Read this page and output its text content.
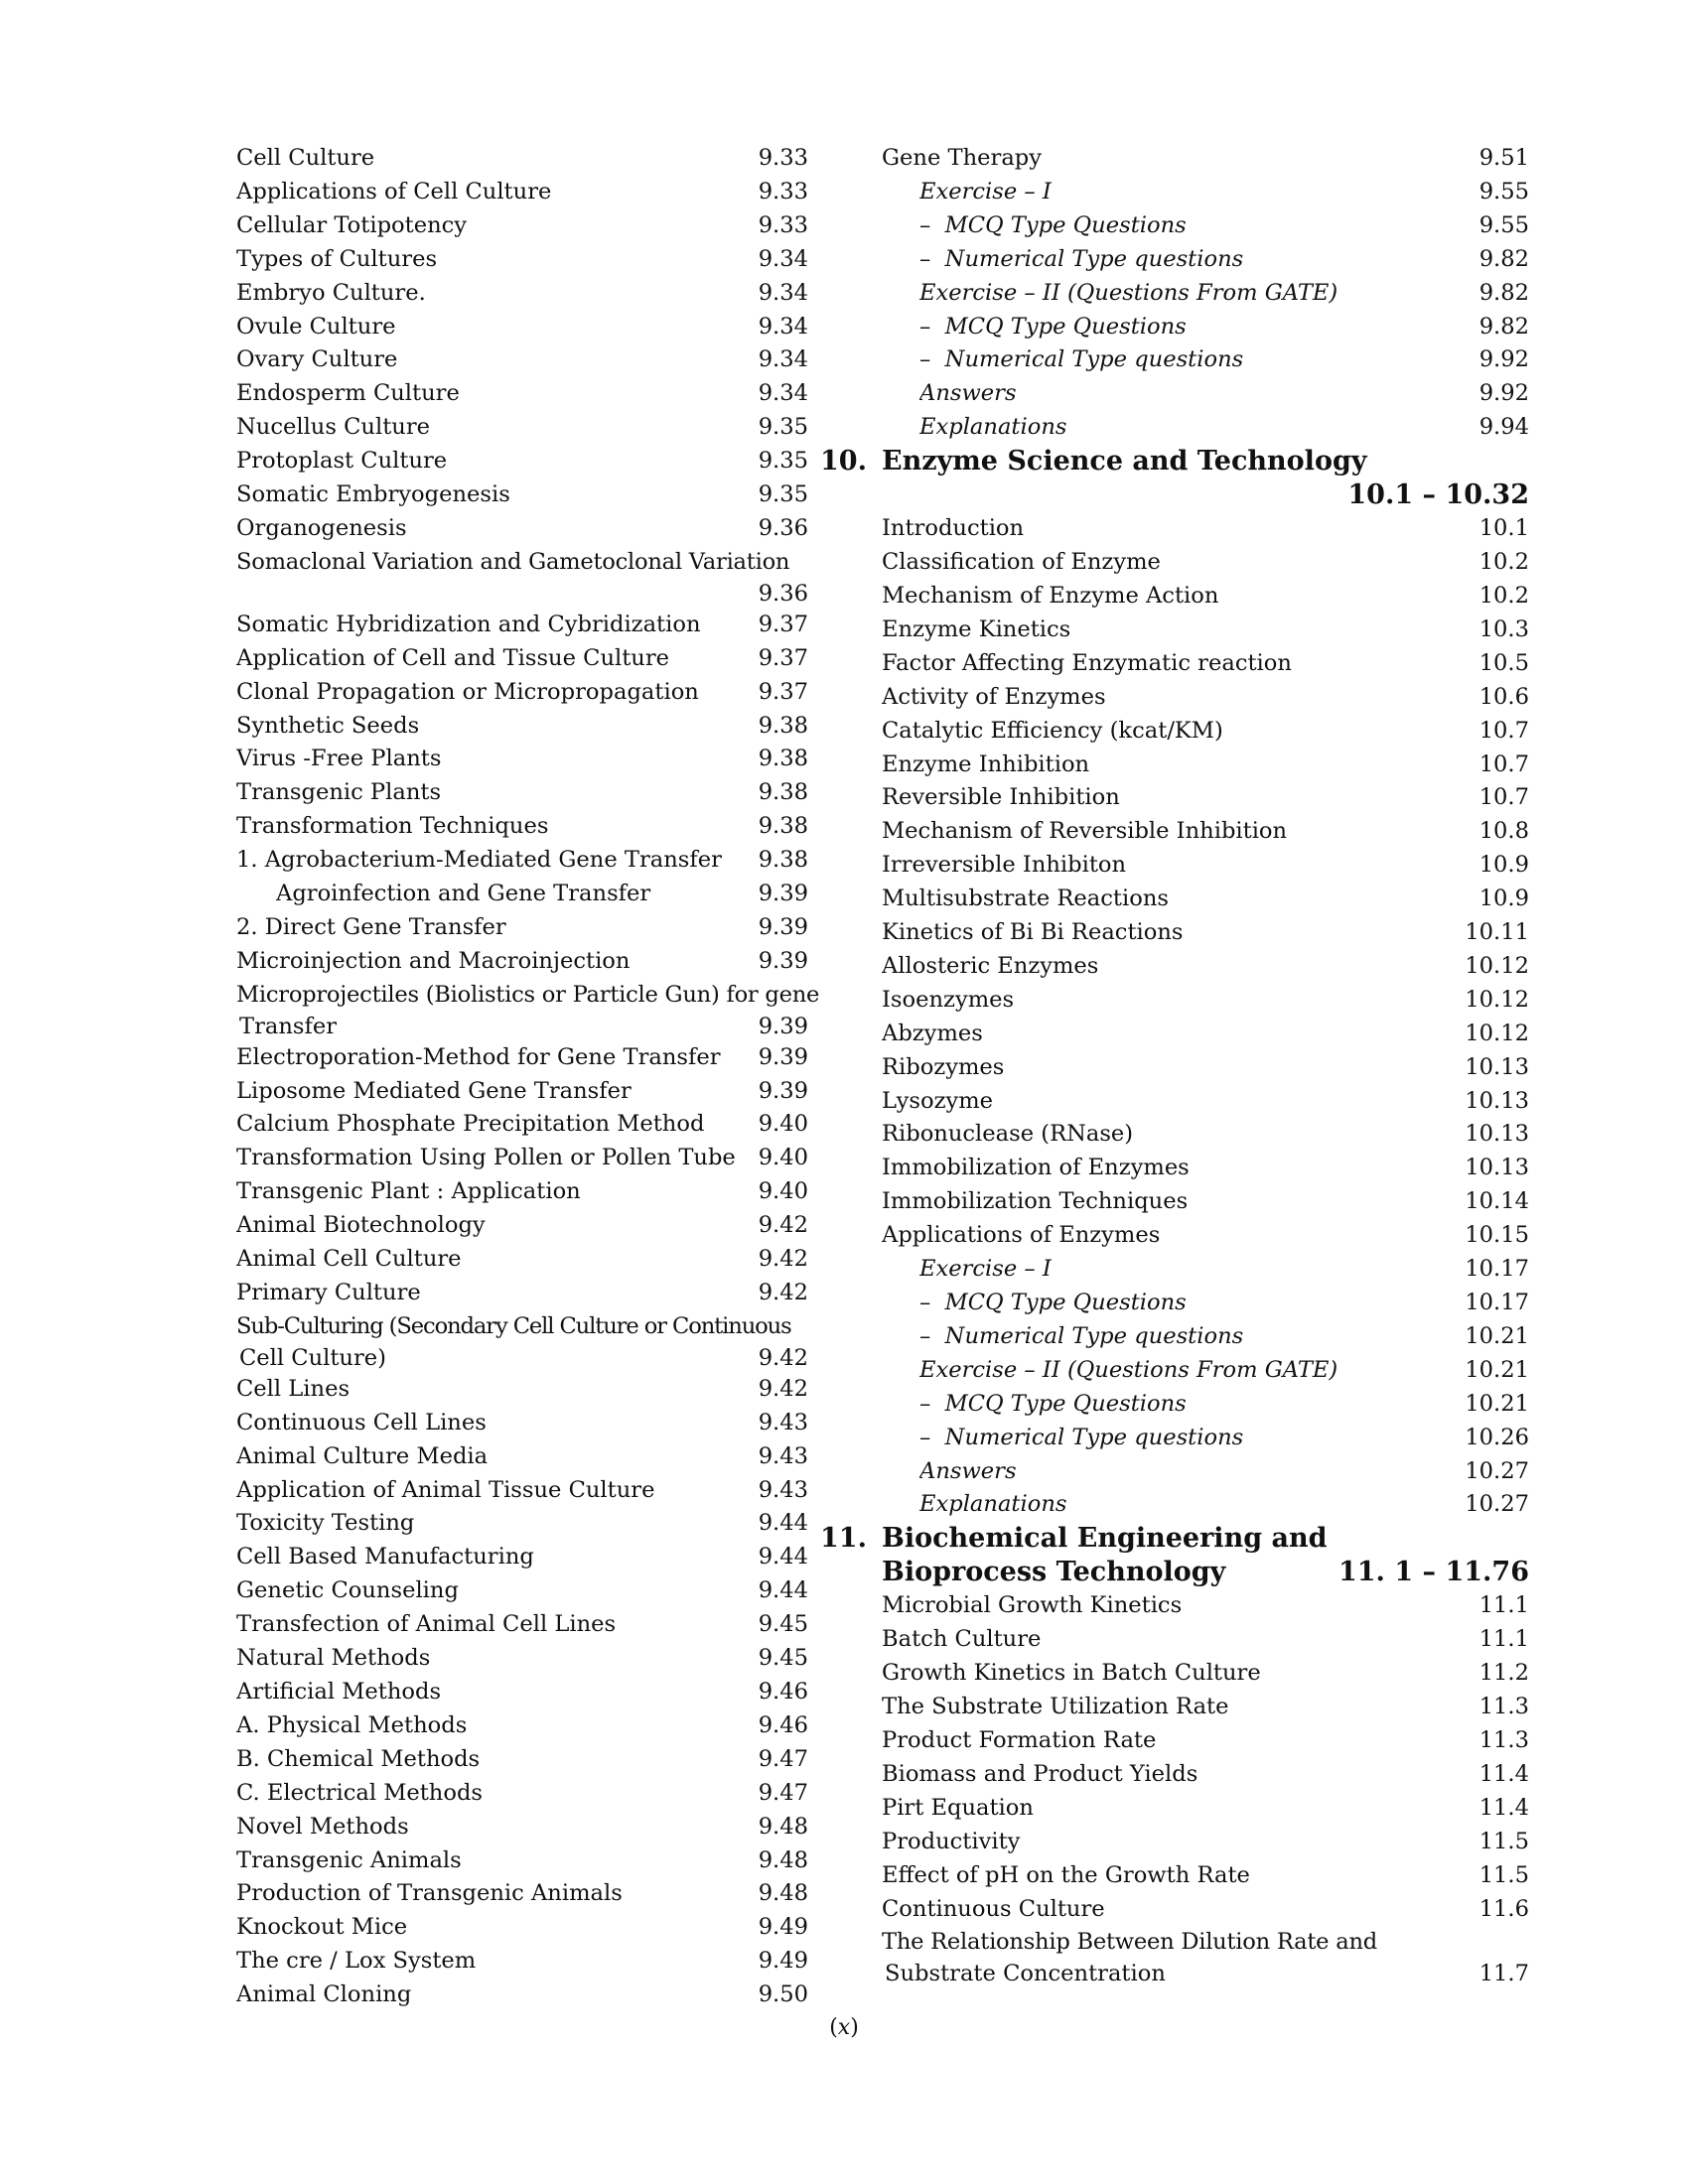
Cell Culture	9.33
Applications of Cell Culture	9.33
Cellular Totipotency	9.33
Types of Cultures	9.34
Embryo Culture.	9.34
Ovule Culture	9.34
Ovary Culture	9.34
Endosperm Culture	9.34
Nucellus Culture	9.35
Protoplast Culture	9.35
Somatic Embryogenesis	9.35
Organogenesis	9.36
Somaclonal Variation and Gametoclonal Variation
9.36
Somatic Hybridization and Cybridization	9.37
Application of Cell and Tissue Culture	9.37
Clonal Propagation or Micropropagation	9.37
Synthetic Seeds	9.38
Virus -Free Plants	9.38
Transgenic Plants	9.38
Transformation Techniques	9.38
1. Agrobacterium-Mediated Gene Transfer	9.38
Agroinfection and Gene Transfer	9.39
2. Direct Gene Transfer	9.39
Microinjection and Macroinjection	9.39
Microprojectiles (Biolistics or Particle Gun) for gene
Transfer	9.39
Electroporation-Method for Gene Transfer	9.39
Liposome Mediated Gene Transfer	9.39
Calcium Phosphate Precipitation Method	9.40
Transformation Using Pollen or Pollen Tube	9.40
Transgenic Plant : Application	9.40
Animal Biotechnology	9.42
Animal Cell Culture	9.42
Primary Culture	9.42
Sub-Culturing (Secondary Cell Culture or Continuous
Cell Culture)	9.42
Cell Lines	9.42
Continuous Cell Lines	9.43
Animal Culture Media	9.43
Application of Animal Tissue Culture	9.43
Toxicity Testing	9.44
Cell Based Manufacturing	9.44
Genetic Counseling	9.44
Transfection of Animal Cell Lines	9.45
Natural Methods	9.45
Artificial Methods	9.46
A. Physical Methods	9.46
B. Chemical Methods	9.47
C. Electrical Methods	9.47
Novel Methods	9.48
Transgenic Animals	9.48
Production of Transgenic Animals	9.48
Knockout Mice	9.49
The cre / Lox System	9.49
Animal Cloning	9.50
Gene Therapy	9.51
Exercise – I	9.55
–  MCQ Type Questions	9.55
–  Numerical Type questions	9.82
Exercise – II (Questions From GATE)	9.82
–  MCQ Type Questions	9.82
–  Numerical Type questions	9.92
Answers	9.92
Explanations	9.94
10. Enzyme Science and Technology
10.1 – 10.32
Introduction	10.1
Classification of Enzyme	10.2
Mechanism of Enzyme Action	10.2
Enzyme Kinetics	10.3
Factor Affecting Enzymatic reaction	10.5
Activity of Enzymes	10.6
Catalytic Efficiency (kcat/KM)	10.7
Enzyme Inhibition	10.7
Reversible Inhibition	10.7
Mechanism of Reversible Inhibition	10.8
Irreversible Inhibiton	10.9
Multisubstrate Reactions	10.9
Kinetics of Bi Bi Reactions	10.11
Allosteric Enzymes	10.12
Isoenzymes	10.12
Abzymes	10.12
Ribozymes	10.13
Lysozyme	10.13
Ribonuclease (RNase)	10.13
Immobilization of Enzymes	10.13
Immobilization Techniques	10.14
Applications of Enzymes	10.15
Exercise – I	10.17
–  MCQ Type Questions	10.17
–  Numerical Type questions	10.21
Exercise – II (Questions From GATE)	10.21
–  MCQ Type Questions	10.21
–  Numerical Type questions	10.26
Answers	10.27
Explanations	10.27
11. Biochemical Engineering and
Bioprocess Technology	11. 1 – 11.76
Microbial Growth Kinetics	11.1
Batch Culture	11.1
Growth Kinetics in Batch Culture	11.2
The Substrate Utilization Rate	11.3
Product Formation Rate	11.3
Biomass and Product Yields	11.4
Pirt Equation	11.4
Productivity	11.5
Effect of pH on the Growth Rate	11.5
Continuous Culture	11.6
The Relationship Between Dilution Rate and
Substrate Concentration	11.7
(x)
